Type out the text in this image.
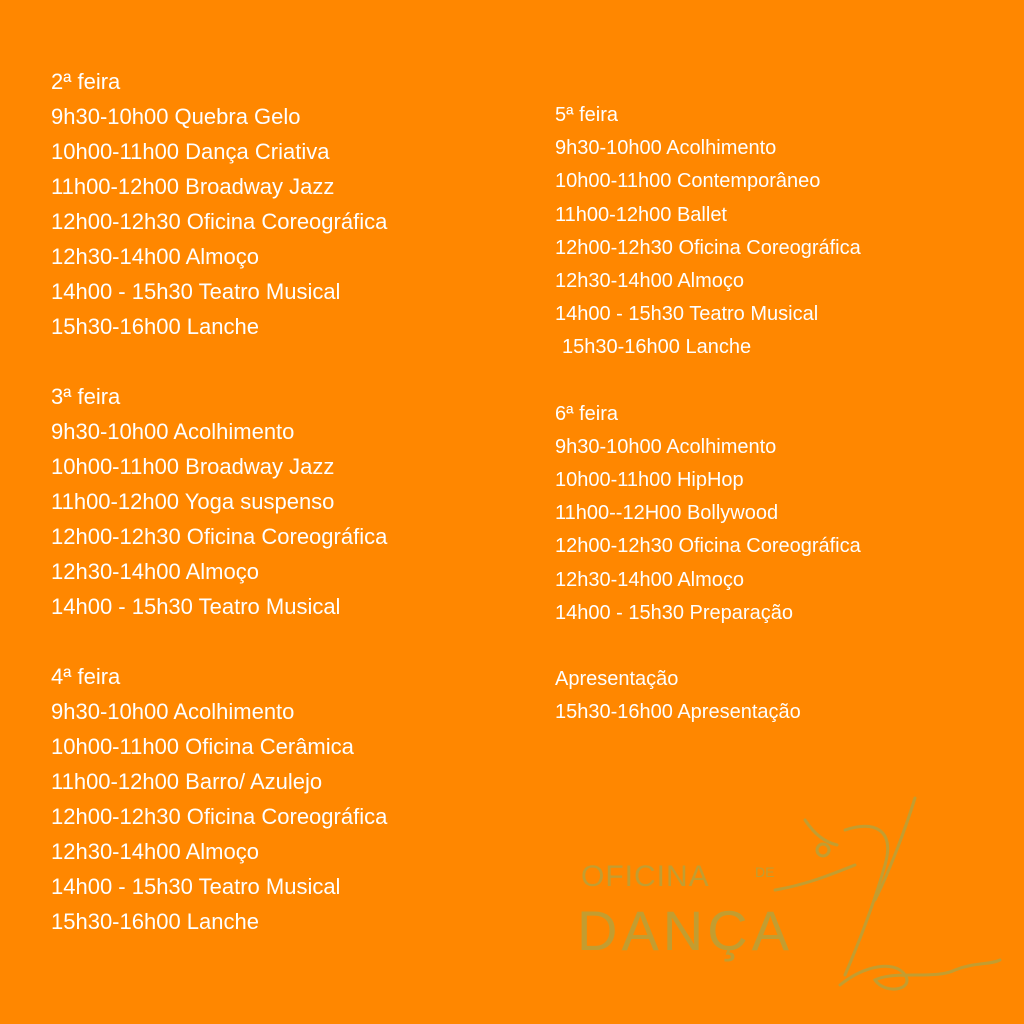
2ª feira
9h30-10h00 Quebra Gelo
10h00-11h00 Dança Criativa
11h00-12h00 Broadway Jazz
12h00-12h30 Oficina Coreográfica
12h30-14h00 Almoço
14h00 - 15h30 Teatro Musical
15h30-16h00 Lanche
3ª feira
9h30-10h00 Acolhimento
10h00-11h00 Broadway Jazz
11h00-12h00 Yoga suspenso
12h00-12h30 Oficina Coreográfica
12h30-14h00 Almoço
14h00 - 15h30 Teatro Musical
4ª feira
9h30-10h00 Acolhimento
10h00-11h00 Oficina Cerâmica
11h00-12h00 Barro/ Azulejo
12h00-12h30 Oficina Coreográfica
12h30-14h00 Almoço
14h00 - 15h30 Teatro Musical
15h30-16h00 Lanche
5ª feira
9h30-10h00 Acolhimento
10h00-11h00 Contemporâneo
11h00-12h00 Ballet
12h00-12h30 Oficina Coreográfica
12h30-14h00 Almoço
14h00 - 15h30 Teatro Musical
15h30-16h00 Lanche
6ª feira
9h30-10h00 Acolhimento
10h00-11h00 HipHop
11h00--12H00 Bollywood
12h00-12h30 Oficina Coreográfica
12h30-14h00 Almoço
14h00 - 15h30 Preparação
Apresentação
15h30-16h00 Apresentação
OFICINA	DE
DANÇA
